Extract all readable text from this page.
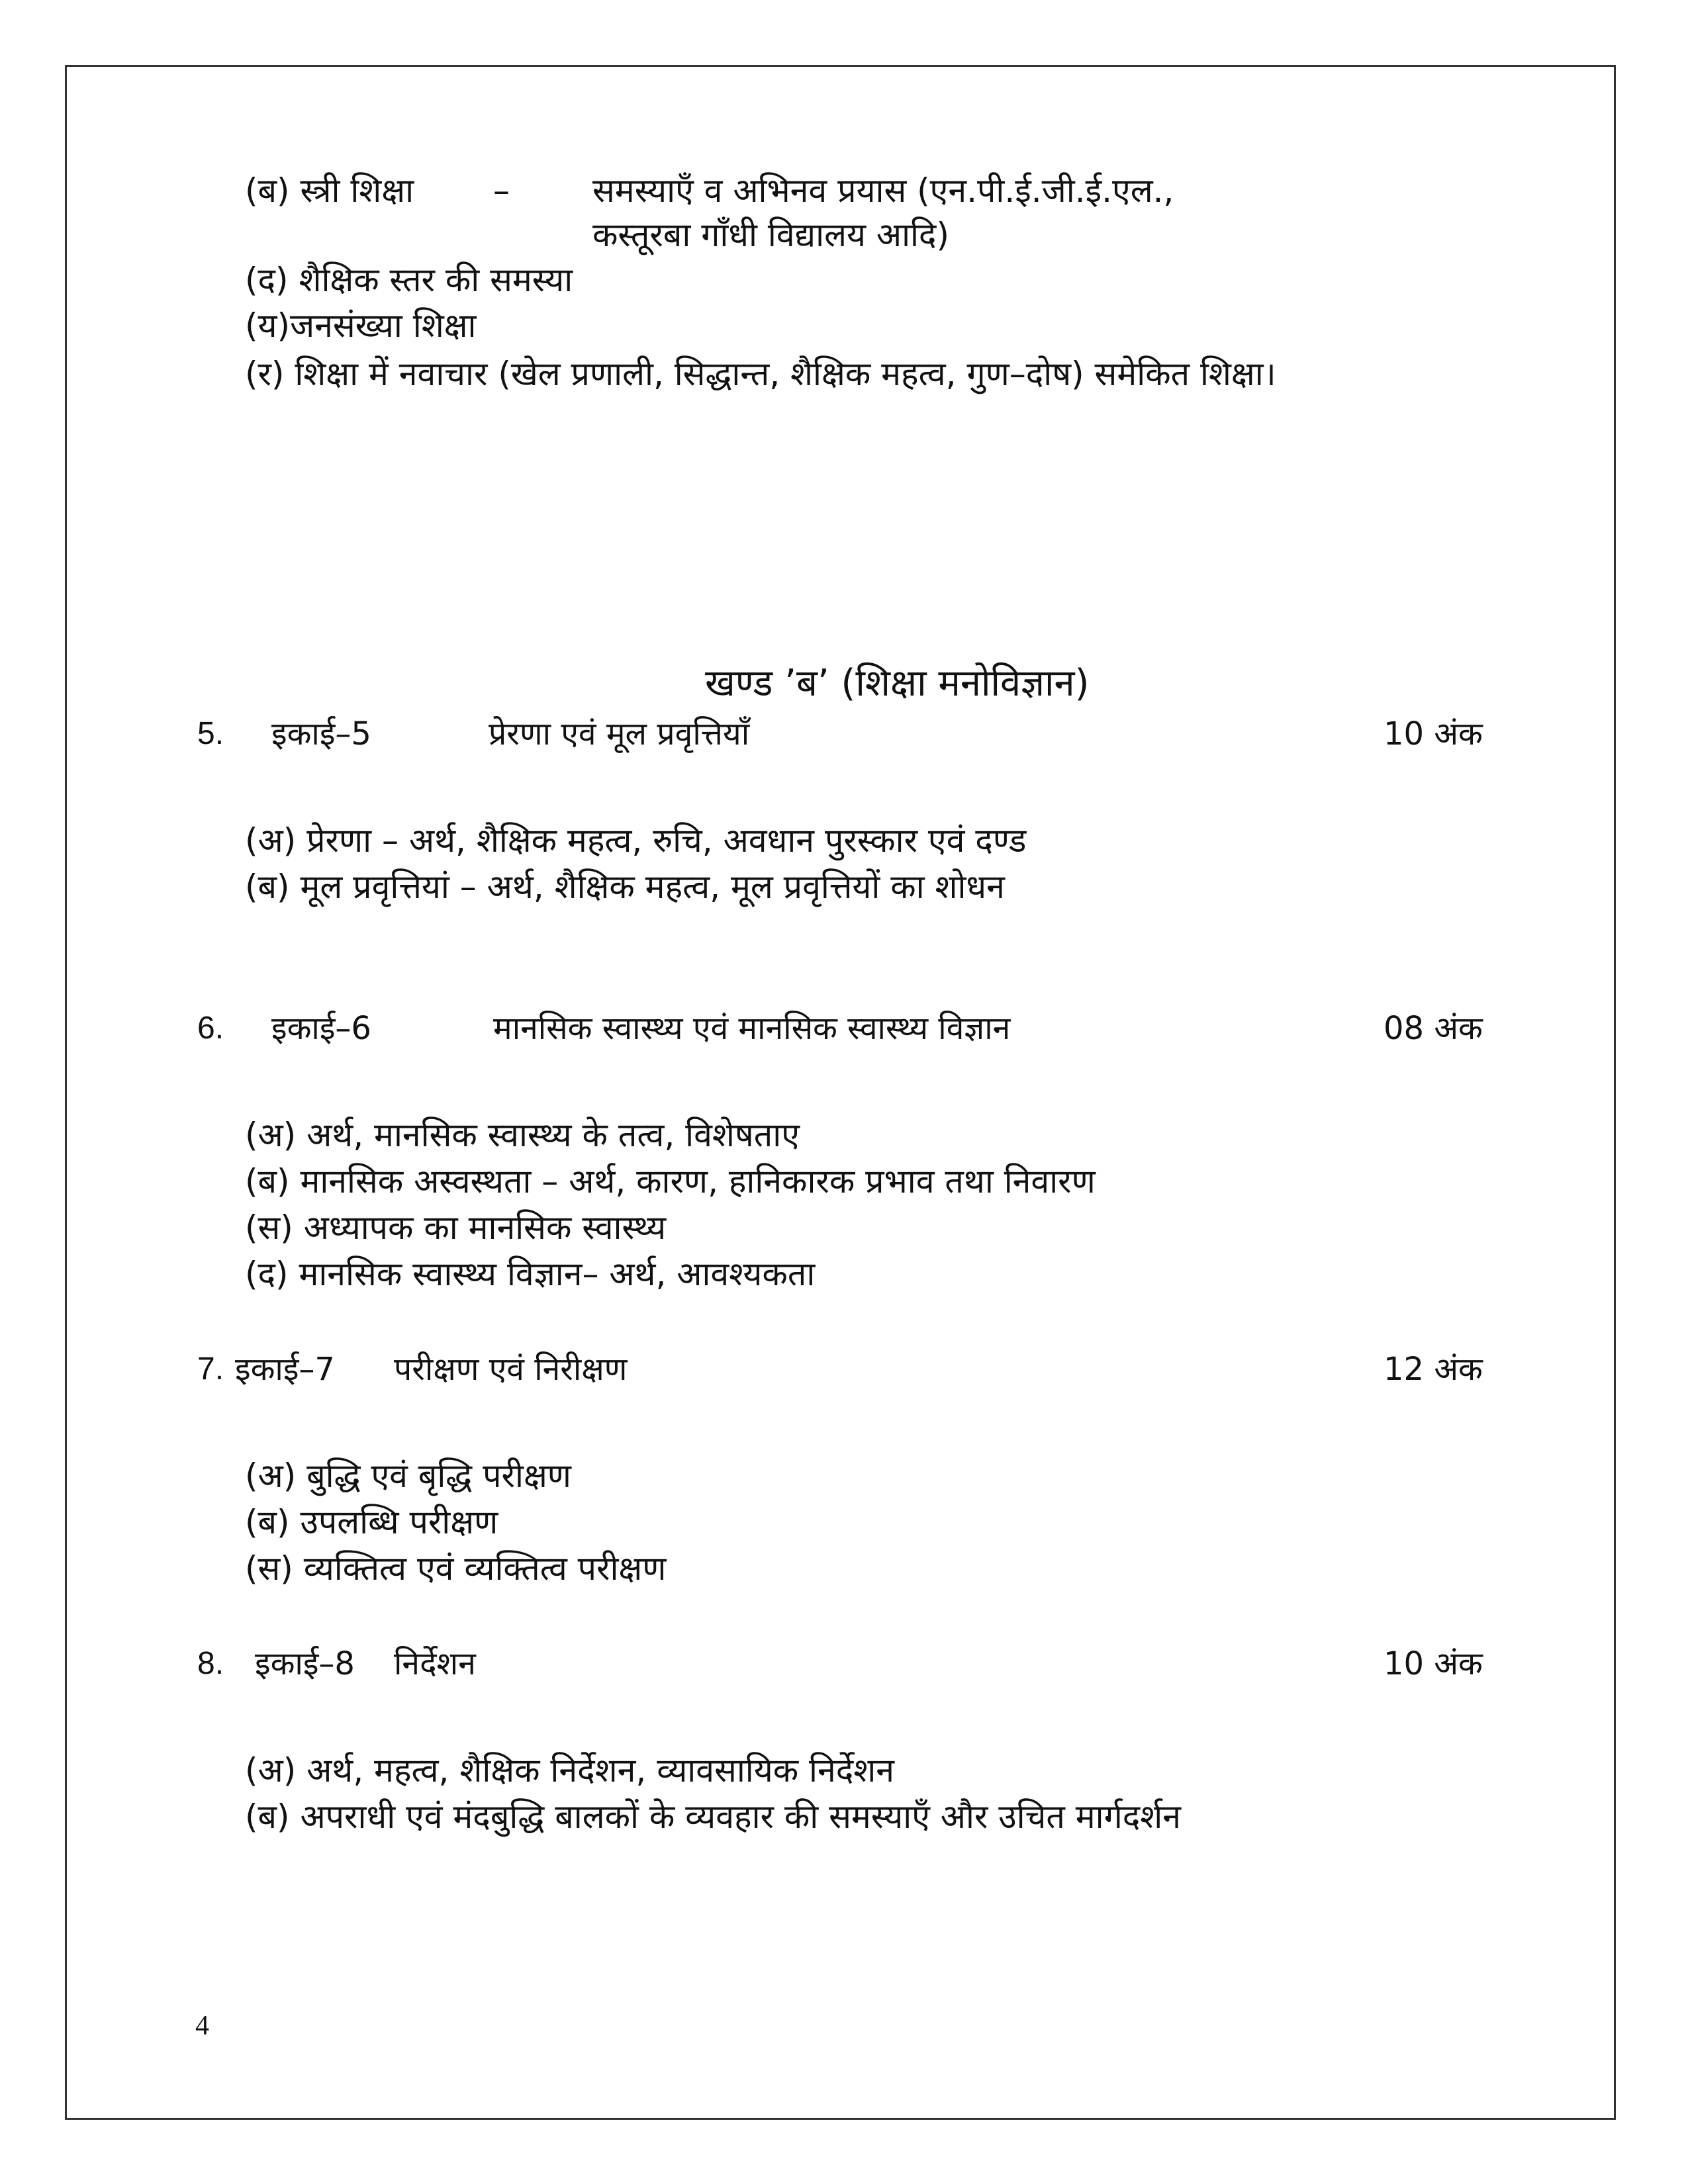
(ब) स्त्री शिक्षा –	समस्याएँ व अभिनव प्रयास (एन.पी.ई.जी.ई.एल.,
कस्तूरबा गाँधी विद्यालय आदि)
(द) शैक्षिक स्तर की समस्या
(य)जनसंख्या शिक्षा
(र) शिक्षा में नवाचार (खेल प्रणाली, सिद्धान्त, शैक्षिक महत्व, गुण–दोष) समेकित शिक्षा।
खण्ड ’ब’ (शिक्षा मनोविज्ञान)
5. इकाई–5	प्रेरणा एवं मूल प्रवृत्तियाँ	10 अंक
(अ) प्रेरणा – अर्थ, शैक्षिक महत्व, रुचि, अवधान पुरस्कार एवं दण्ड
(ब) मूल प्रवृत्तियां – अर्थ, शैक्षिक महत्व, मूल प्रवृत्तियों का शोधन
6. इकाई–6	मानसिक स्वास्थ्य एवं मानसिक स्वास्थ्य विज्ञान	08 अंक
(अ) अर्थ, मानसिक स्वास्थ्य के तत्व, विशेषताए
(ब) मानसिक अस्वस्थता – अर्थ, कारण, हानिकारक प्रभाव तथा निवारण
(स) अध्यापक का मानसिक स्वास्थ्य
(द) मानसिक स्वास्थ्य विज्ञान– अर्थ, आवश्यकता
7. इकाई–7 परीक्षण एवं निरीक्षण	12 अंक
(अ) बुद्धि एवं बृद्धि परीक्षण
(ब) उपलब्धि परीक्षण
(स) व्यक्तित्व एवं व्यक्तित्व परीक्षण
8. इकाई–8 निर्देशन	10 अंक
(अ) अर्थ, महत्व, शैक्षिक निर्देशन, व्यावसायिक निर्देशन
(ब) अपराधी एवं मंदबुद्धि बालकों के व्यवहार की समस्याएँ और उचित मार्गदर्शन
4
